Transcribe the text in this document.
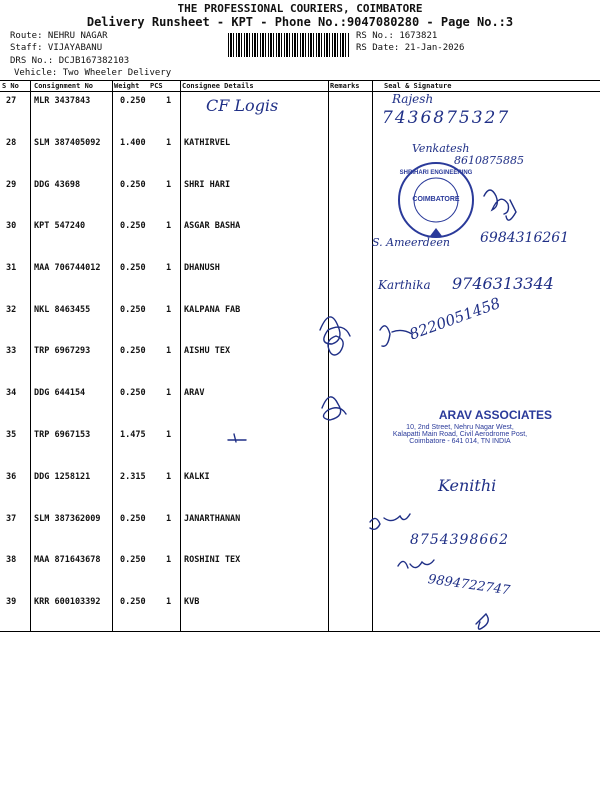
THE PROFESSIONAL COURIERS, COIMBATORE
Delivery Runsheet - KPT - Phone No.:9047080280 - Page No.:3
Route: NEHRU NAGAR
Staff: VIJAYABANU
DRS No.: DCJB167382103
Vehicle: Two Wheeler Delivery
RS No.: 1673821
RS Date: 21-Jan-2026
S No Consignment No	Weight PCS	Consignee Details	Remarks	Seal & Signature
27 MLR 3437843	0.250 1
28 SLM 387405092 1.400 1 KATHIRVEL
29 DDG 43698	0.250 1 SHRI HARI
30 KPT 547240	0.250 1 ASGAR BASHA
31 MAA 706744012 0.250 1 DHANUSH
32 NKL 8463455	0.250 1 KALPANA FAB
33 TRP 6967293	0.250 1 AISHU TEX
34 DDG 644154	0.250 1 ARAV
35 TRP 6967153	1.475 1
36 DDG 1258121	2.315 1 KALKI
37 SLM 387362009 0.250 1 JANARTHANAN
38 MAA 871643678 0.250 1 ROSHINI TEX
39 KRR 600103392 0.250 1 KVB
CF Logis	Rajesh
7436875327
Venkatesh
8610875885
S. Ameerdeen 6984316261
Karthika 9746313344
8220051458
Kenithi
8754398662
9894722747
SHRIHARI ENGINEERING
COIMBATORE
ARAV ASSOCIATES
10, 2nd Street, Nehru Nagar West,
Kalapatti Main Road, Civil Aerodrome Post,
Coimbatore - 641 014, TN INDIA
